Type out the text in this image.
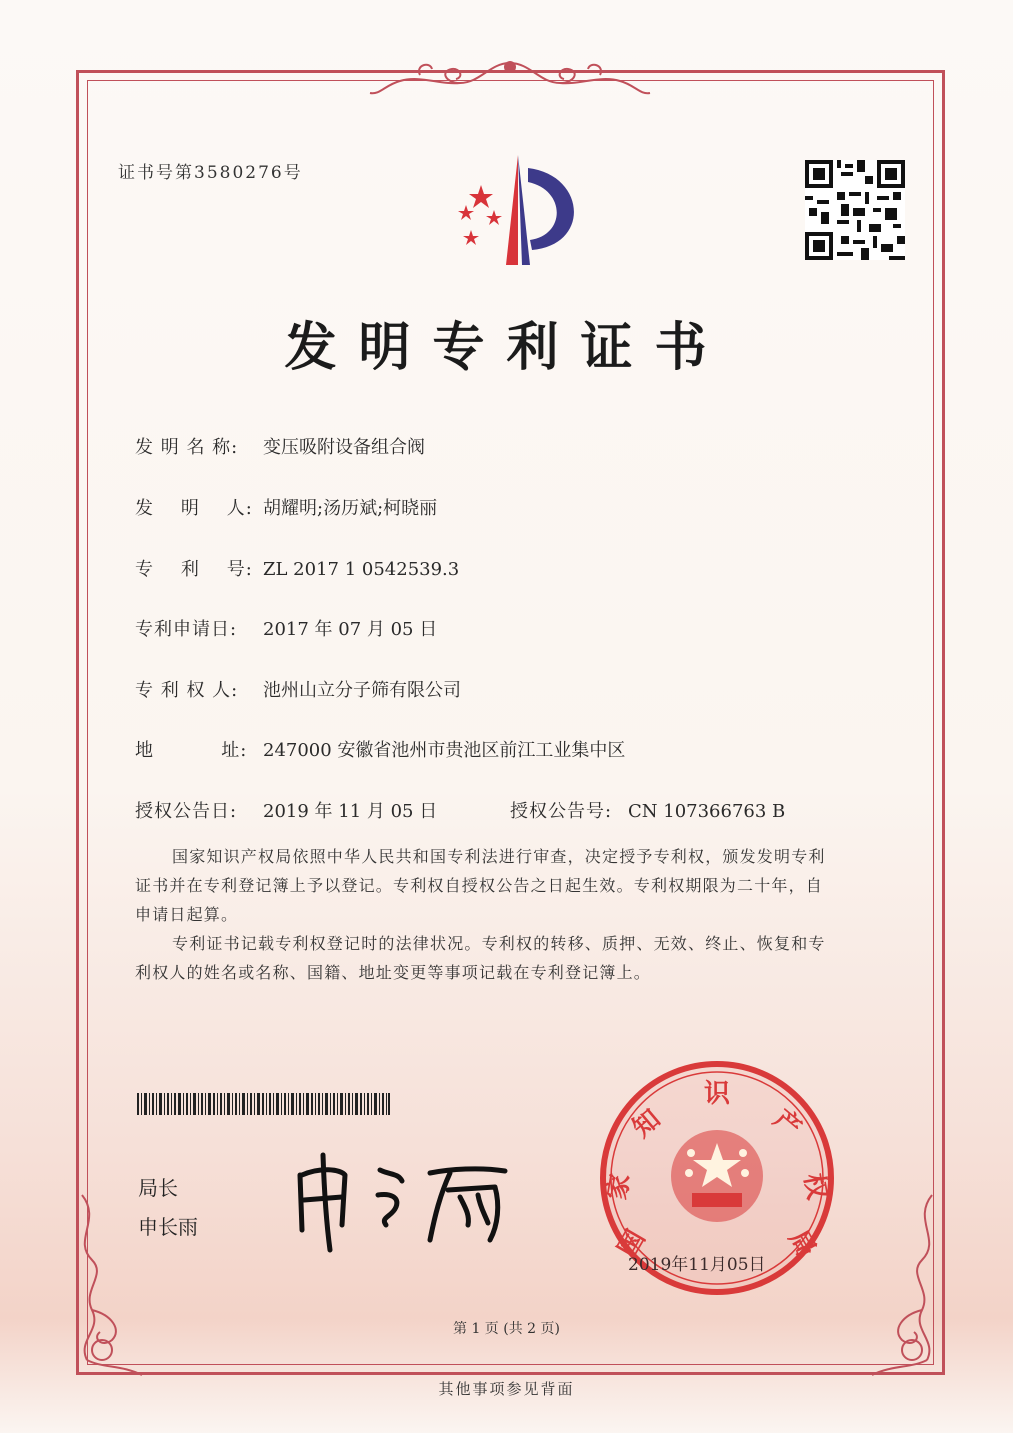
证书号第3580276号
发明专利证书
发 明 名 称: 变压吸附设备组合阀
发    明    人: 胡耀明;汤历斌;柯晓丽
专    利    号: ZL 2017 1 0542539.3
专利申请日: 2017 年 07 月 05 日
专 利 权 人: 池州山立分子筛有限公司
地          址: 247000 安徽省池州市贵池区前江工业集中区
授权公告日: 2019 年 11 月 05 日	授权公告号: CN 107366763 B
国家知识产权局依照中华人民共和国专利法进行审查，决定授予专利权，颁发发明专利
证书并在专利登记簿上予以登记。专利权自授权公告之日起生效。专利权期限为二十年，自
申请日起算。
专利证书记载专利权登记时的法律状况。专利权的转移、质押、无效、终止、恢复和专
利权人的姓名或名称、国籍、地址变更等事项记载在专利登记簿上。
局长
申长雨	国
家
知
识
产
权
局
2019年11月05日
第 1 页 (共 2 页)
其他事项参见背面
